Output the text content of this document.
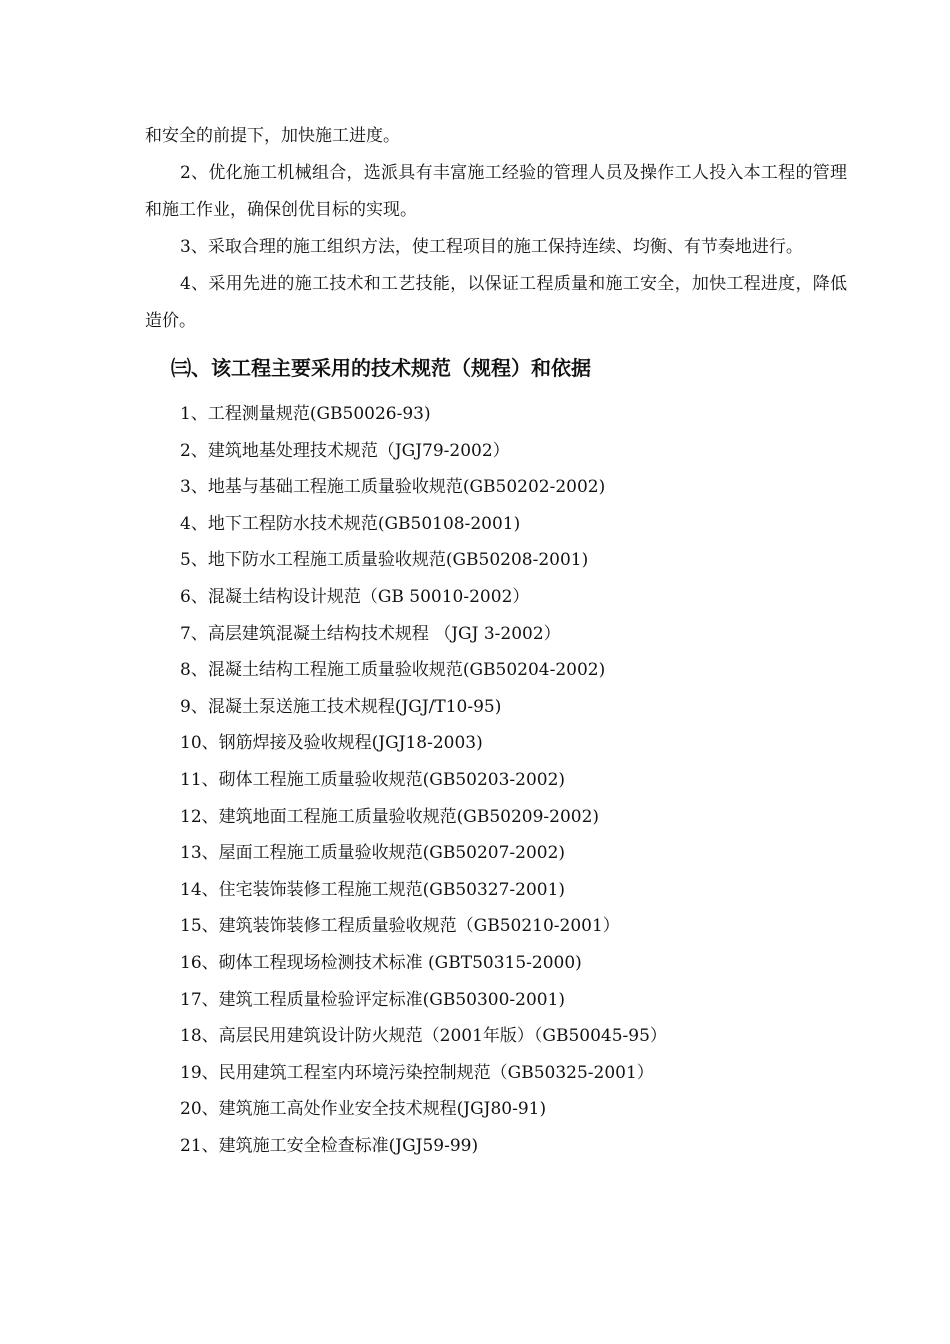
和安全的前提下，加快施工进度。

2、优化施工机械组合，选派具有丰富施工经验的管理人员及操作工人投入本工程的管理和施工作业，确保创优目标的实现。

3、采取合理的施工组织方法，使工程项目的施工保持连续、均衡、有节奏地进行。

4、采用先进的施工技术和工艺技能，以保证工程质量和施工安全，加快工程进度，降低造价。

㈢、该工程主要采用的技术规范（规程）和依据
1、工程测量规范(GB50026-93)
2、建筑地基处理技术规范（JGJ79-2002）
3、地基与基础工程施工质量验收规范(GB50202-2002)
4、地下工程防水技术规范(GB50108-2001)
5、地下防水工程施工质量验收规范(GB50208-2001)
6、混凝土结构设计规范（GB 50010-2002）
7、高层建筑混凝土结构技术规程 （JGJ 3-2002）
8、混凝土结构工程施工质量验收规范(GB50204-2002)
9、混凝土泵送施工技术规程(JGJ/T10-95)
10、钢筋焊接及验收规程(JGJ18-2003)
11、砌体工程施工质量验收规范(GB50203-2002)
12、建筑地面工程施工质量验收规范(GB50209-2002)
13、屋面工程施工质量验收规范(GB50207-2002)
14、住宅装饰装修工程施工规范(GB50327-2001)
15、建筑装饰装修工程质量验收规范（GB50210-2001）
16、砌体工程现场检测技术标准 (GBT50315-2000)
17、建筑工程质量检验评定标准(GB50300-2001)
18、高层民用建筑设计防火规范（2001年版）（GB50045-95）
19、民用建筑工程室内环境污染控制规范（GB50325-2001）
20、建筑施工高处作业安全技术规程(JGJ80-91)
21、建筑施工安全检查标准(JGJ59-99)
